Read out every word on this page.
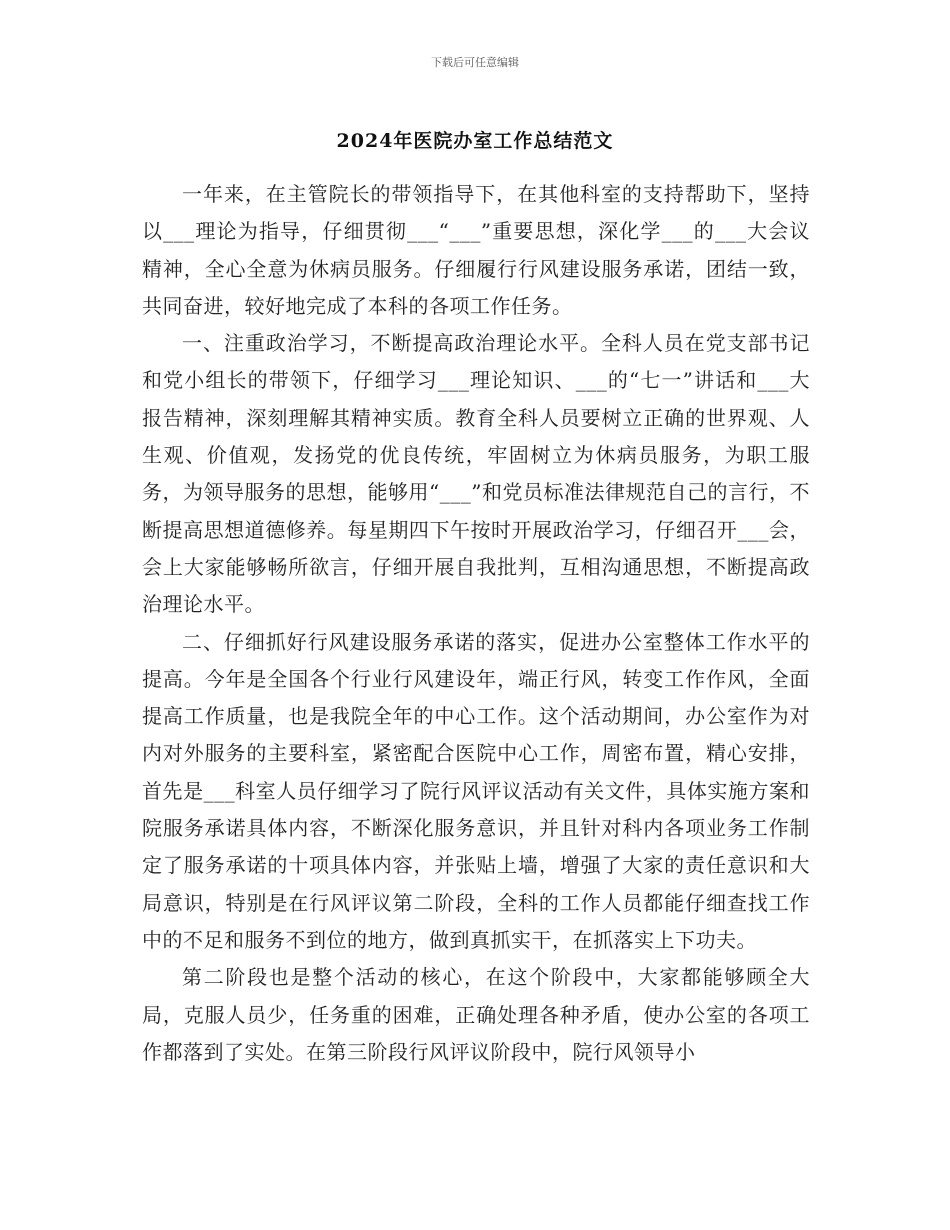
下载后可任意编辑
2024年医院办室工作总结范文

一年来，在主管院长的带领指导下，在其他科室的支持帮助下，坚持以___理论为指导，仔细贯彻___“___”重要思想，深化学___的___大会议精神，全心全意为休病员服务。仔细履行行风建设服务承诺，团结一致，共同奋进，较好地完成了本科的各项工作任务。

一、注重政治学习，不断提高政治理论水平。全科人员在党支部书记和党小组长的带领下，仔细学习___理论知识、___的“七一”讲话和___大报告精神，深刻理解其精神实质。教育全科人员要树立正确的世界观、人生观、价值观，发扬党的优良传统，牢固树立为休病员服务，为职工服务，为领导服务的思想，能够用“___”和党员标准法律规范自己的言行，不断提高思想道德修养。每星期四下午按时开展政治学习，仔细召开___会，会上大家能够畅所欲言，仔细开展自我批判，互相沟通思想，不断提高政治理论水平。

二、仔细抓好行风建设服务承诺的落实，促进办公室整体工作水平的提高。今年是全国各个行业行风建设年，端正行风，转变工作作风，全面提高工作质量，也是我院全年的中心工作。这个活动期间，办公室作为对内对外服务的主要科室，紧密配合医院中心工作，周密布置，精心安排，首先是___科室人员仔细学习了院行风评议活动有关文件，具体实施方案和院服务承诺具体内容，不断深化服务意识，并且针对科内各项业务工作制定了服务承诺的十项具体内容，并张贴上墙，增强了大家的责任意识和大局意识，特别是在行风评议第二阶段，全科的工作人员都能仔细查找工作中的不足和服务不到位的地方，做到真抓实干，在抓落实上下功夫。

第二阶段也是整个活动的核心，在这个阶段中，大家都能够顾全大局，克服人员少，任务重的困难，正确处理各种矛盾，使办公室的各项工作都落到了实处。在第三阶段行风评议阶段中，院行风领导小
